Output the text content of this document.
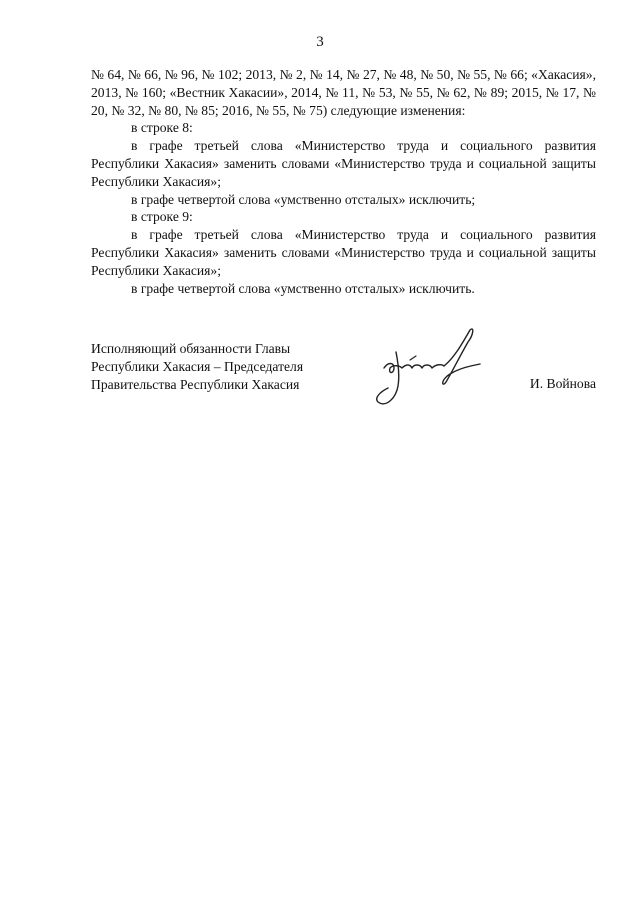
3

№ 64, № 66, № 96, № 102; 2013, № 2, № 14, № 27, № 48, № 50, № 55, № 66; «Хакасия», 2013, № 160; «Вестник Хакасии», 2014, № 11, № 53, № 55, № 62, № 89; 2015, № 17, № 20, № 32, № 80, № 85; 2016, № 55, № 75) следующие изменения:

в строке 8:

в графе третьей слова «Министерство труда и социального развития Республики Хакасия» заменить словами «Министерство труда и социальной защиты Республики Хакасия»;

в графе четвертой слова «умственно отсталых» исключить;

в строке 9:

в графе третьей слова «Министерство труда и социального развития Республики Хакасия» заменить словами «Министерство труда и социальной защиты Республики Хакасия»;

в графе четвертой слова «умственно отсталых» исключить.

Исполняющий обязанности Главы
Республики Хакасия – Председателя
Правительства Республики Хакасия	И. Войнова
